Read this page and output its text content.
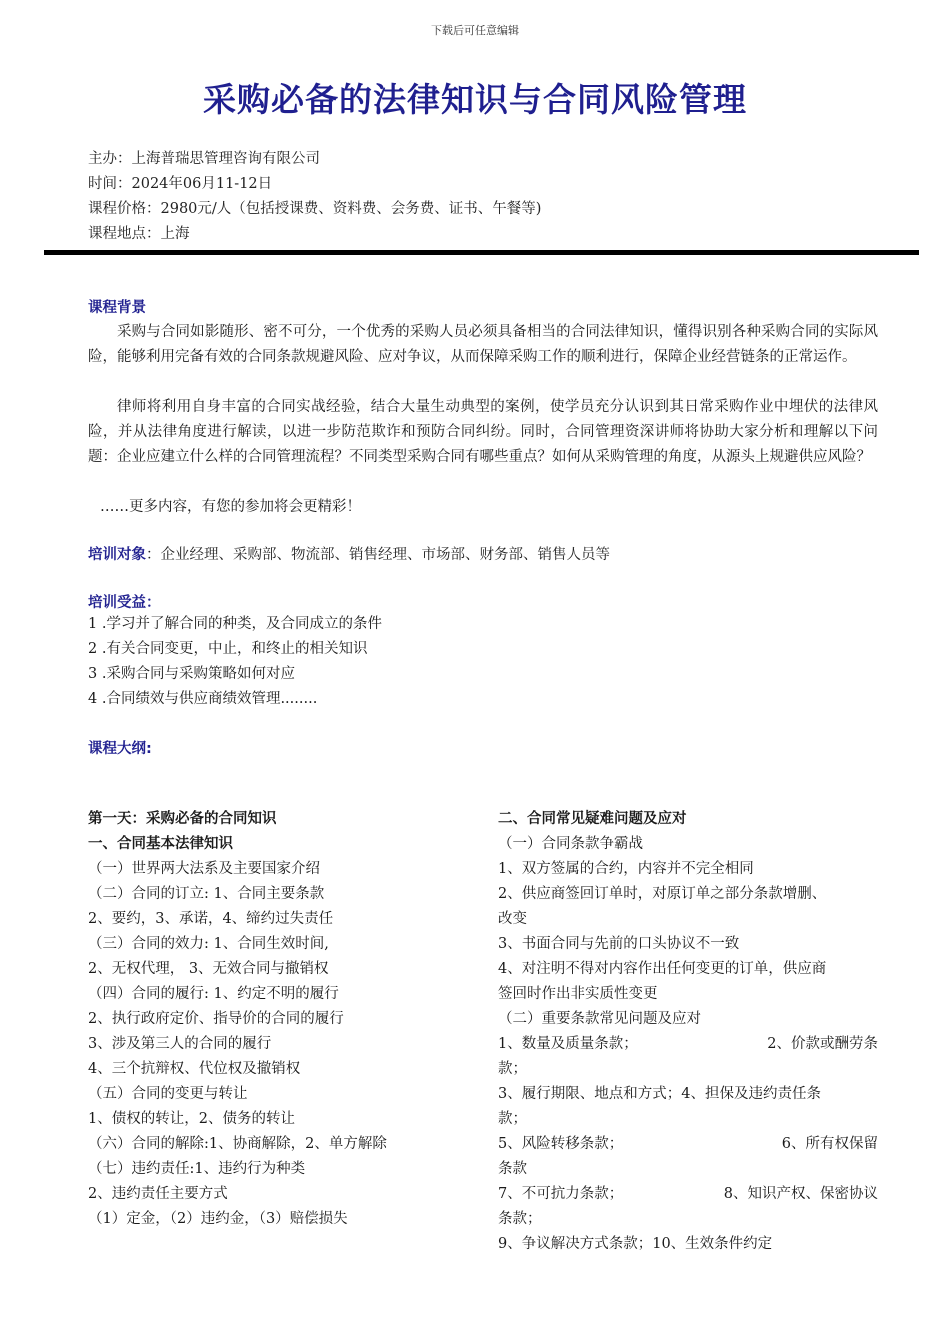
下载后可任意编辑
采购必备的法律知识与合同风险管理
主办：上海普瑞思管理咨询有限公司
时间：2024年06月11-12日
课程价格：2980元/人（包括授课费、资料费、会务费、证书、午餐等)
课程地点：上海
课程背景
采购与合同如影随形、密不可分，一个优秀的采购人员必须具备相当的合同法律知识，懂得识别各种采购合同的实际风险，能够利用完备有效的合同条款规避风险、应对争议，从而保障采购工作的顺利进行，保障企业经营链条的正常运作。
律师将利用自身丰富的合同实战经验，结合大量生动典型的案例，使学员充分认识到其日常采购作业中埋伏的法律风险，并从法律角度进行解读，以进一步防范欺诈和预防合同纠纷。同时，合同管理资深讲师将协助大家分析和理解以下问题：企业应建立什么样的合同管理流程？不同类型采购合同有哪些重点？如何从采购管理的角度，从源头上规避供应风险？
……更多内容，有您的参加将会更精彩！
培训对象：企业经理、采购部、物流部、销售经理、市场部、财务部、销售人员等
培训受益：
1 .学习并了解合同的种类，及合同成立的条件
2 .有关合同变更，中止，和终止的相关知识
3 .采购合同与采购策略如何对应
4 .合同绩效与供应商绩效管理........
课程大纲:
第一天：采购必备的合同知识
一、合同基本法律知识
（一）世界两大法系及主要国家介绍
（二）合同的订立: 1、合同主要条款
2、要约，3、承诺，4、缔约过失责任
（三）合同的效力: 1、合同生效时间,
2、无权代理， 3、无效合同与撤销权
（四）合同的履行: 1、约定不明的履行
2、执行政府定价、指导价的合同的履行
3、涉及第三人的合同的履行
4、三个抗辩权、代位权及撤销权
（五）合同的变更与转让
1、债权的转让，2、债务的转让
（六）合同的解除:1、协商解除，2、单方解除
（七）违约责任:1、违约行为种类
2、违约责任主要方式
（1）定金，（2）违约金，（3）赔偿损失
二、合同常见疑难问题及应对
（一）合同条款争霸战
1、双方签属的合约，内容并不完全相同
2、供应商签回订单时，对原订单之部分条款增删、
改变
3、书面合同与先前的口头协议不一致
4、对注明不得对内容作出任何变更的订单，供应商
签回时作出非实质性变更
（二）重要条款常见问题及应对
1、数量及质量条款；	2、价款或酬劳条
款；
3、履行期限、地点和方式；4、担保及违约责任条
款；
5、风险转移条款；	6、所有权保留
条款
7、不可抗力条款；	8、知识产权、保密协议
条款；
9、争议解决方式条款；10、生效条件约定
